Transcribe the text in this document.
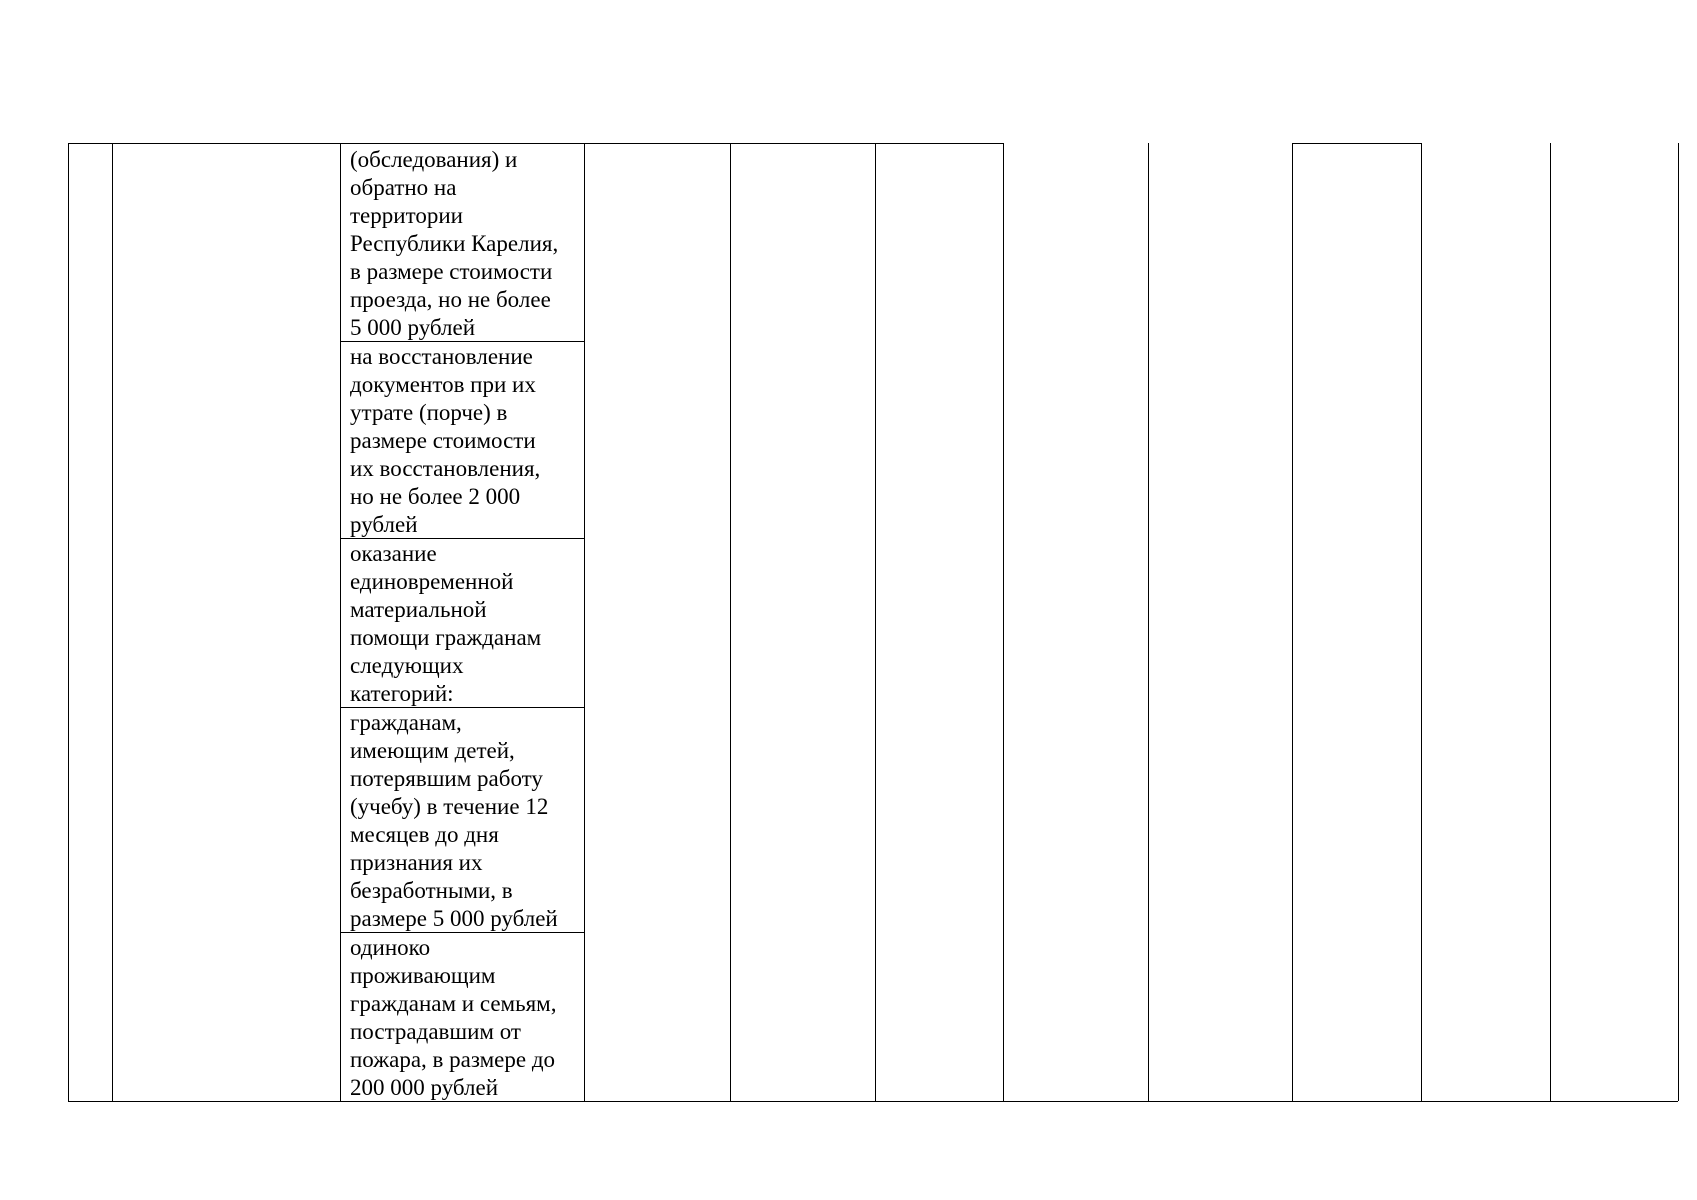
(обследования) и
обратно на
территории
Республики Карелия,
в размере стоимости
проезда, но не более
5 000 рублей
на восстановление
документов при их
утрате (порче) в
размере стоимости
их восстановления,
но не более 2 000
рублей
оказание
единовременной
материальной
помощи гражданам
следующих
категорий:
гражданам,
имеющим детей,
потерявшим работу
(учебу) в течение 12
месяцев до дня
признания их
безработными, в
размере 5 000 рублей
одиноко
проживающим
гражданам и семьям,
пострадавшим от
пожара, в размере до
200 000 рублей
